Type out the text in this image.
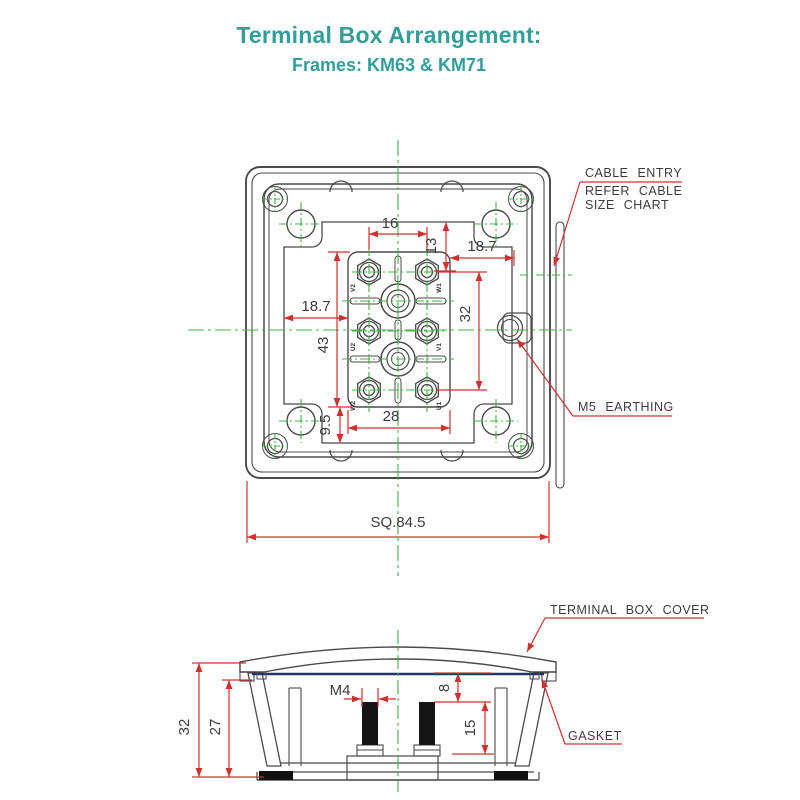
Terminal Box Arrangement:
Frames: KM63 & KM71
V2	W1
U2	V1
W2	U1
16
13 18.7
18.7
43
9.5	28
32
SQ.84.5
CABLE ENTRY
REFER CABLE
SIZE CHART
M5 EARTHING
32 27
M4	8
15
TERMINAL BOX COVER
GASKET
